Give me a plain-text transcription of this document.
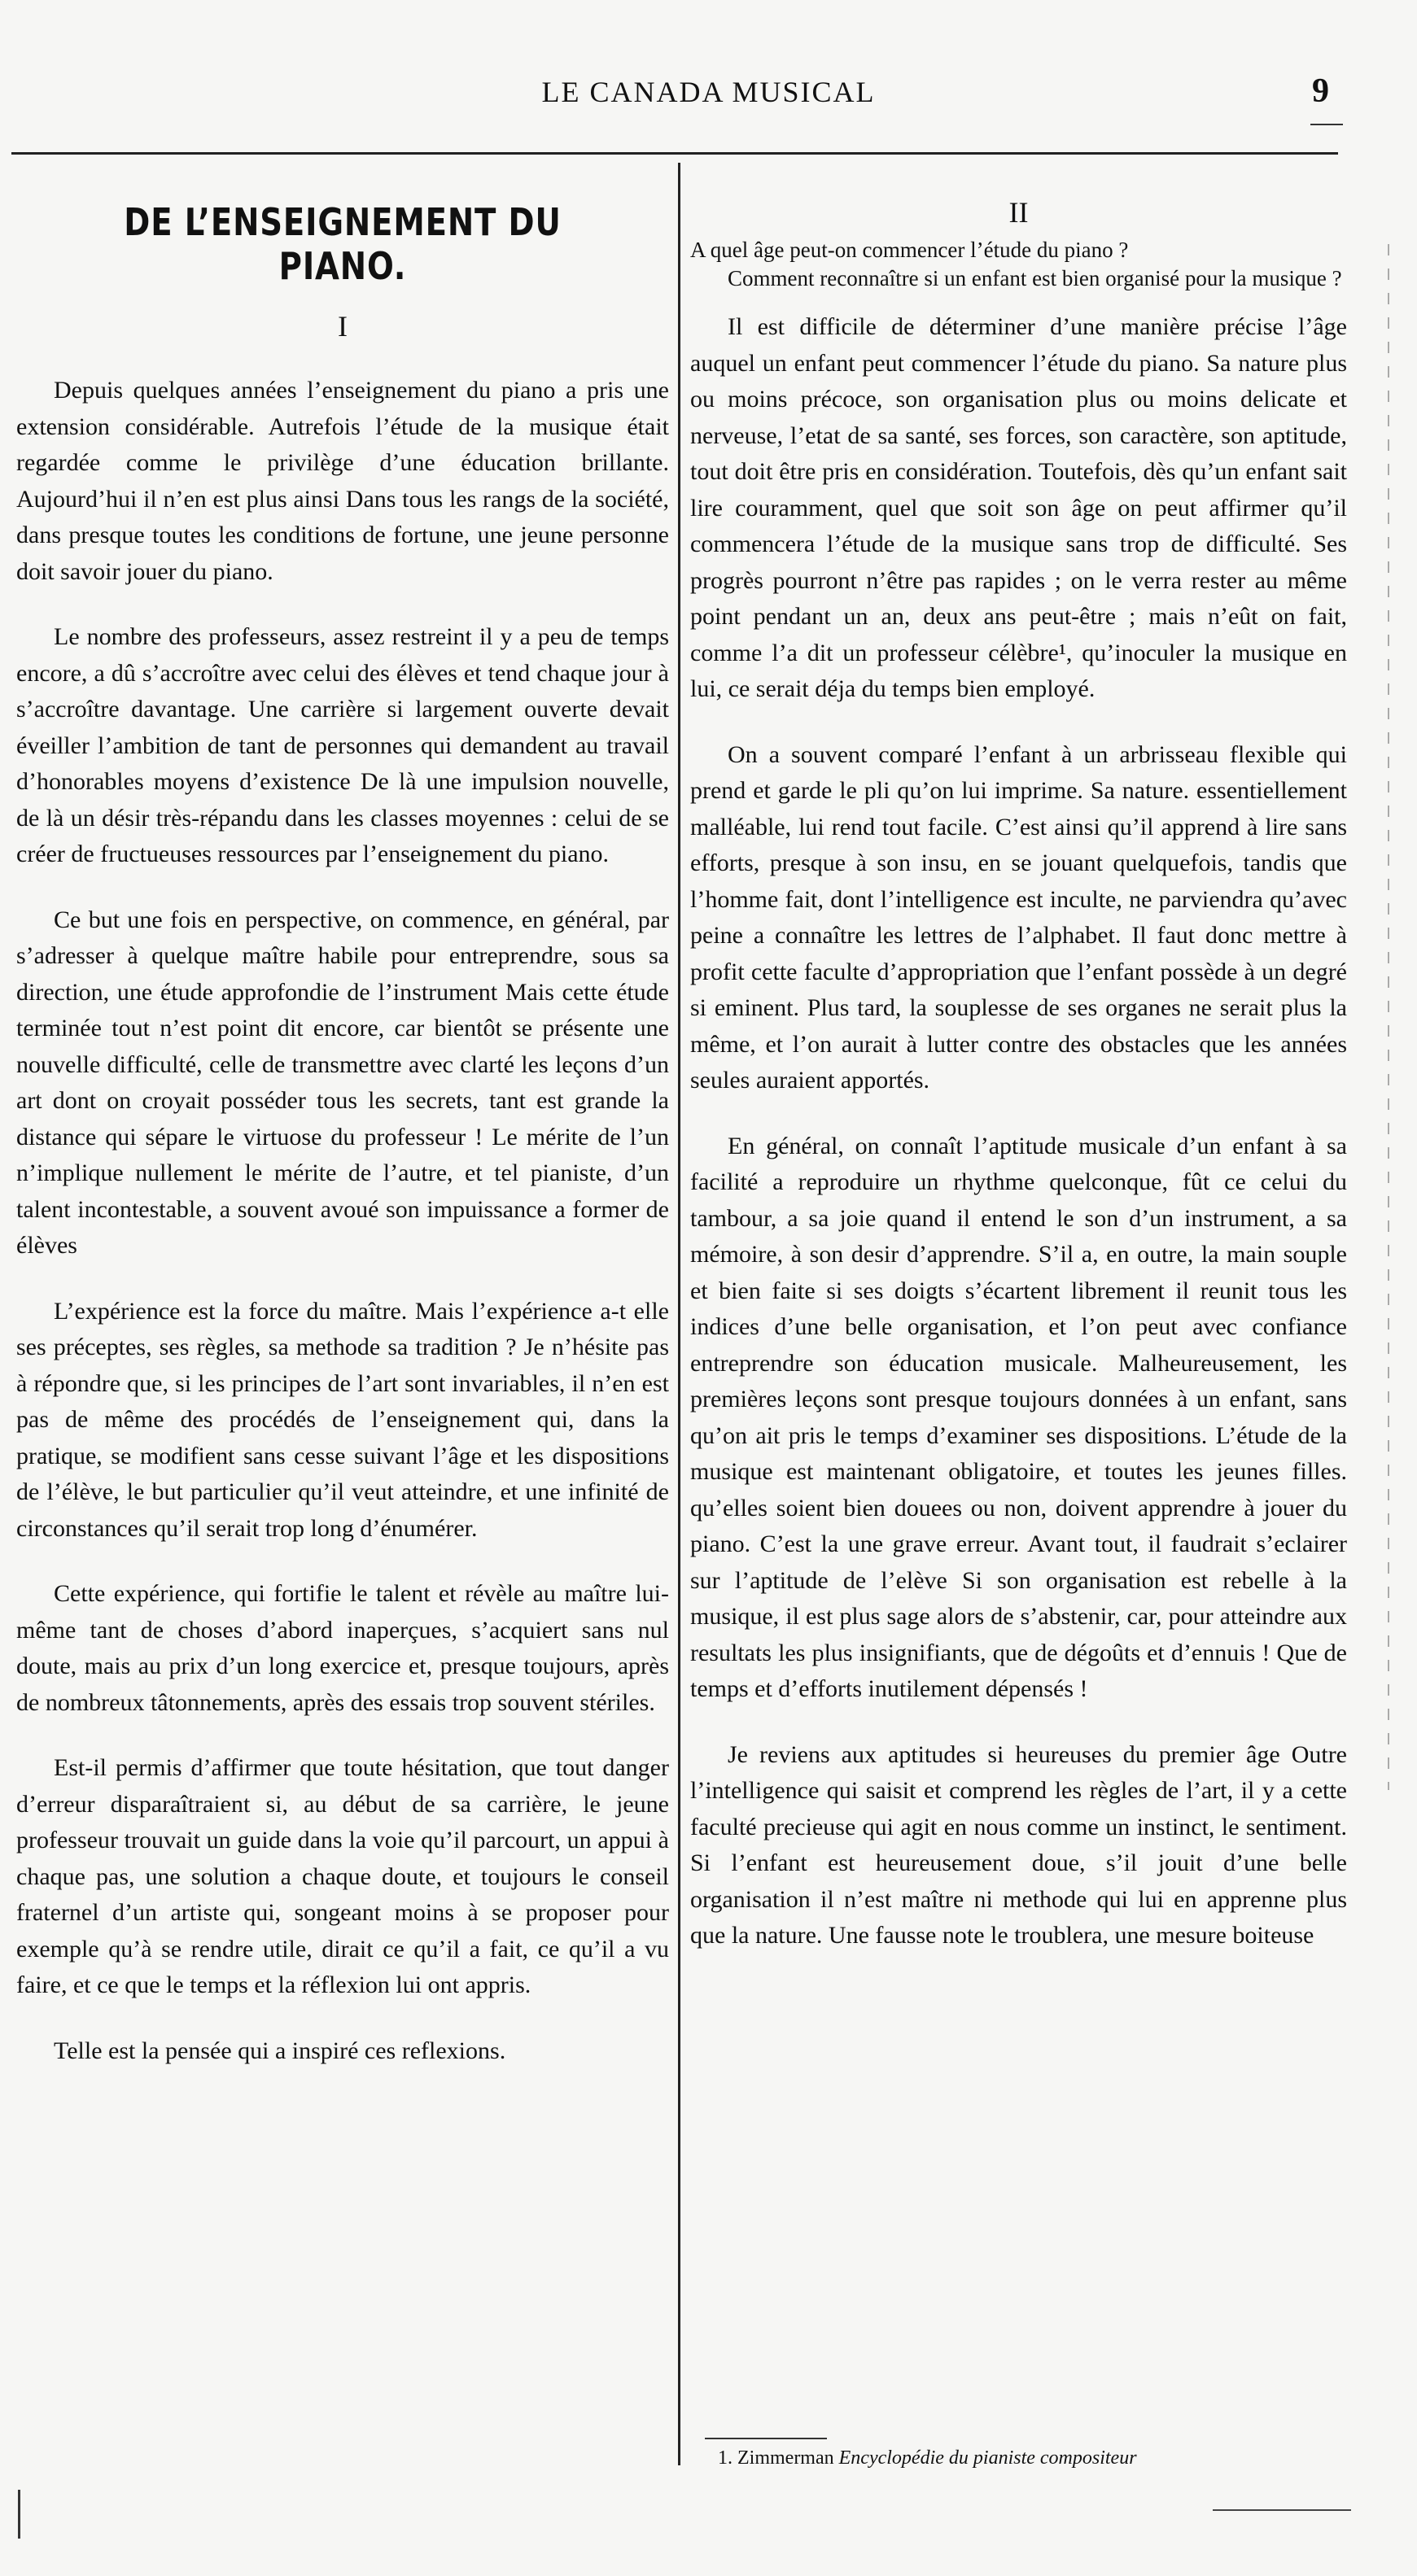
LE CANADA MUSICAL	9
DE L’ENSEIGNEMENT DU PIANO.
I

Depuis quelques années l’enseignement du piano a pris une extension considérable. Autrefois l’étude de la musique était regardée comme le privilège d’une éducation brillante. Aujourd’hui il n’en est plus ainsi Dans tous les rangs de la société, dans presque toutes les conditions de fortune, une jeune personne doit savoir jouer du piano.

Le nombre des professeurs, assez restreint il y a peu de temps encore, a dû s’accroître avec celui des élèves et tend chaque jour à s’accroître davantage. Une carrière si largement ouverte devait éveiller l’ambition de tant de personnes qui demandent au travail d’honorables moyens d’existence De là une impulsion nouvelle, de là un désir très-répandu dans les classes moyennes : celui de se créer de fructueuses ressources par l’enseignement du piano.

Ce but une fois en perspective, on commence, en général, par s’adresser à quelque maître habile pour entreprendre, sous sa direction, une étude approfondie de l’instrument Mais cette étude terminée tout n’est point dit encore, car bientôt se présente une nouvelle difficulté, celle de transmettre avec clarté les leçons d’un art dont on croyait posséder tous les secrets, tant est grande la distance qui sépare le virtuose du professeur ! Le mérite de l’un n’implique nullement le mérite de l’autre, et tel pianiste, d’un talent incontestable, a souvent avoué son impuissance a former de élèves

L’expérience est la force du maître. Mais l’expérience a-t elle ses préceptes, ses règles, sa methode sa tradition ? Je n’hésite pas à répondre que, si les principes de l’art sont invariables, il n’en est pas de même des procédés de l’enseignement qui, dans la pratique, se modifient sans cesse suivant l’âge et les dispositions de l’élève, le but particulier qu’il veut atteindre, et une infinité de circonstances qu’il serait trop long d’énumérer.

Cette expérience, qui fortifie le talent et révèle au maître lui-même tant de choses d’abord inaperçues, s’acquiert sans nul doute, mais au prix d’un long exercice et, presque toujours, après de nombreux tâtonnements, après des essais trop souvent stériles.

Est-il permis d’affirmer que toute hésitation, que tout danger d’erreur disparaîtraient si, au début de sa carrière, le jeune professeur trouvait un guide dans la voie qu’il parcourt, un appui à chaque pas, une solution a chaque doute, et toujours le conseil fraternel d’un artiste qui, songeant moins à se proposer pour exemple qu’à se rendre utile, dirait ce qu’il a fait, ce qu’il a vu faire, et ce que le temps et la réflexion lui ont appris.

Telle est la pensée qui a inspiré ces reflexions.

II
A quel âge peut-on commencer l’étude du piano ?
Comment reconnaître si un enfant est bien organisé pour la musique ?

Il est difficile de déterminer d’une manière précise l’âge auquel un enfant peut commencer l’étude du piano. Sa nature plus ou moins précoce, son organisation plus ou moins delicate et nerveuse, l’etat de sa santé, ses forces, son caractère, son aptitude, tout doit être pris en considération. Toutefois, dès qu’un enfant sait lire couramment, quel que soit son âge on peut affirmer qu’il commencera l’étude de la musique sans trop de difficulté. Ses progrès pourront n’être pas rapides ; on le verra rester au même point pendant un an, deux ans peut-être ; mais n’eût on fait, comme l’a dit un professeur célèbre¹, qu’inoculer la musique en lui, ce serait déja du temps bien employé.

On a souvent comparé l’enfant à un arbrisseau flexible qui prend et garde le pli qu’on lui imprime. Sa nature. essentiellement malléable, lui rend tout facile. C’est ainsi qu’il apprend à lire sans efforts, presque à son insu, en se jouant quelquefois, tandis que l’homme fait, dont l’intelligence est inculte, ne parviendra qu’avec peine a connaître les lettres de l’alphabet. Il faut donc mettre à profit cette faculte d’appropriation que l’enfant possède à un degré si eminent. Plus tard, la souplesse de ses organes ne serait plus la même, et l’on aurait à lutter contre des obstacles que les années seules auraient apportés.

En général, on connaît l’aptitude musicale d’un enfant à sa facilité a reproduire un rhythme quelconque, fût ce celui du tambour, a sa joie quand il entend le son d’un instrument, a sa mémoire, à son desir d’apprendre. S’il a, en outre, la main souple et bien faite si ses doigts s’écartent librement il reunit tous les indices d’une belle organisation, et l’on peut avec confiance entreprendre son éducation musicale. Malheureusement, les premières leçons sont presque toujours données à un enfant, sans qu’on ait pris le temps d’examiner ses dispositions. L’étude de la musique est maintenant obligatoire, et toutes les jeunes filles. qu’elles soient bien douees ou non, doivent apprendre à jouer du piano. C’est la une grave erreur. Avant tout, il faudrait s’eclairer sur l’aptitude de l’elève Si son organisation est rebelle à la musique, il est plus sage alors de s’abstenir, car, pour atteindre aux resultats les plus insignifiants, que de dégoûts et d’ennuis ! Que de temps et d’efforts inutilement dépensés !

Je reviens aux aptitudes si heureuses du premier âge Outre l’intelligence qui saisit et comprend les règles de l’art, il y a cette faculté precieuse qui agit en nous comme un instinct, le sentiment. Si l’enfant est heureusement doue, s’il jouit d’une belle organisation il n’est maître ni methode qui lui en apprenne plus que la nature. Une fausse note le troublera, une mesure boiteuse

1. Zimmerman Encyclopédie du pianiste compositeur
